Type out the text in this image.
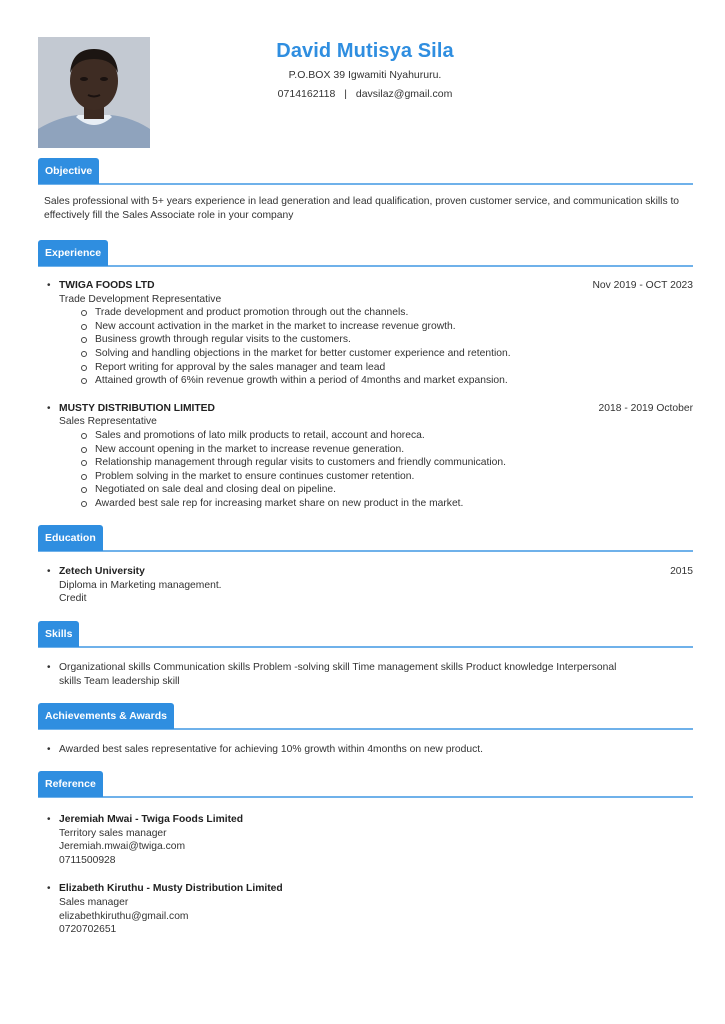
David Mutisya Sila
P.O.BOX 39 Igwamiti Nyahururu.
0714162118 | davsilaz@gmail.com
Objective
Sales professional with 5+ years experience in lead generation and lead qualification, proven customer service, and communication skills to effectively fill the Sales Associate role in your company
Experience
• TWIGA FOODS LTD	Nov 2019 - OCT 2023
Trade Development Representative
Trade development and product promotion through out the channels.
New account activation in the market in the market to increase revenue growth.
Business growth through regular visits to the customers.
Solving and handling objections in the market for better customer experience and retention.
Report writing for approval by the sales manager and team lead
Attained growth of 6%in revenue growth within a period of 4months and market expansion.
• MUSTY DISTRIBUTION LIMITED	2018 - 2019 October
Sales Representative
Sales and promotions of lato milk products to retail, account and horeca.
New account opening in the market to increase revenue generation.
Relationship management through regular visits to customers and friendly communication.
Problem solving in the market to ensure continues customer retention.
Negotiated on sale deal and closing deal on pipeline.
Awarded best sale rep for increasing market share on new product in the market.
Education
• Zetech University	2015
Diploma in Marketing management.
Credit
Skills
• Organizational skills Communication skills Problem -solving skill Time management skills Product knowledge Interpersonal skills Team leadership skill
Achievements & Awards
• Awarded best sales representative for achieving 10% growth within 4months on new product.
Reference
• Jeremiah Mwai - Twiga Foods Limited
Territory sales manager
Jeremiah.mwai@twiga.com
0711500928
• Elizabeth Kiruthu - Musty Distribution Limited
Sales manager
elizabethkiruthu@gmail.com
0720702651
